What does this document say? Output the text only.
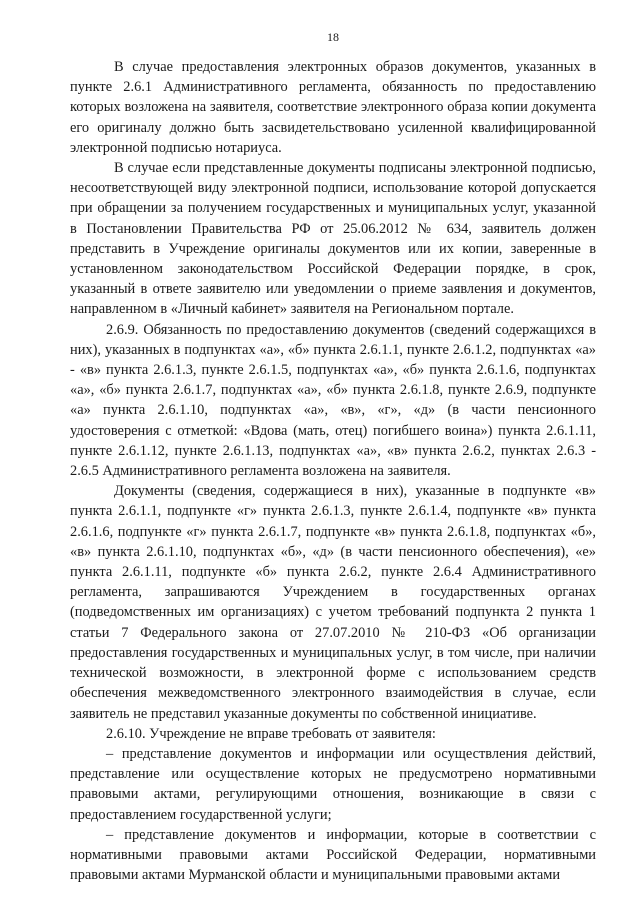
18

В случае предоставления электронных образов документов, указанных в пункте 2.6.1 Административного регламента, обязанность по предоставлению которых возложена на заявителя, соответствие электронного образа копии документа его оригиналу должно быть засвидетельствовано усиленной квалифицированной электронной подписью нотариуса.

В случае если представленные документы подписаны электронной подписью, несоответствующей виду электронной подписи, использование которой допускается при обращении за получением государственных и муниципальных услуг, указанной в Постановлении Правительства РФ от 25.06.2012 № 634, заявитель должен представить в Учреждение оригиналы документов или их копии, заверенные в установленном законодательством Российской Федерации порядке, в срок, указанный в ответе заявителю или уведомлении о приеме заявления и документов, направленном в «Личный кабинет» заявителя на Региональном портале.

2.6.9. Обязанность по предоставлению документов (сведений содержащихся в них), указанных в подпунктах «а», «б» пункта 2.6.1.1, пункте 2.6.1.2, подпунктах «а» - «в» пункта 2.6.1.3, пункте 2.6.1.5, подпунктах «а», «б» пункта 2.6.1.6, подпунктах «а», «б» пункта 2.6.1.7, подпунктах «а», «б» пункта 2.6.1.8, пункте 2.6.9, подпункте «а» пункта 2.6.1.10, подпунктах «а», «в», «г», «д» (в части пенсионного удостоверения с отметкой: «Вдова (мать, отец) погибшего воина») пункта 2.6.1.11, пункте 2.6.1.12, пункте 2.6.1.13, подпунктах «а», «в» пункта 2.6.2, пунктах 2.6.3 - 2.6.5 Административного регламента возложена на заявителя.

Документы (сведения, содержащиеся в них), указанные в подпункте «в» пункта 2.6.1.1, подпункте «г» пункта 2.6.1.3, пункте 2.6.1.4, подпункте «в» пункта 2.6.1.6, подпункте «г» пункта 2.6.1.7, подпункте «в» пункта 2.6.1.8, подпунктах «б», «в» пункта 2.6.1.10, подпунктах «б», «д» (в части пенсионного обеспечения), «е» пункта 2.6.1.11, подпункте «б» пункта 2.6.2, пункте 2.6.4 Административного регламента, запрашиваются Учреждением в государственных органах (подведомственных им организациях) с учетом требований подпункта 2 пункта 1 статьи 7 Федерального закона от 27.07.2010 № 210-ФЗ «Об организации предоставления государственных и муниципальных услуг, в том числе, при наличии технической возможности, в электронной форме с использованием средств обеспечения межведомственного электронного взаимодействия в случае, если заявитель не представил указанные документы по собственной инициативе.

2.6.10. Учреждение не вправе требовать от заявителя:

– представление документов и информации или осуществления действий, представление или осуществление которых не предусмотрено нормативными правовыми актами, регулирующими отношения, возникающие в связи с предоставлением государственной услуги;

– представление документов и информации, которые в соответствии с нормативными правовыми актами Российской Федерации, нормативными правовыми актами Мурманской области и муниципальными правовыми актами
